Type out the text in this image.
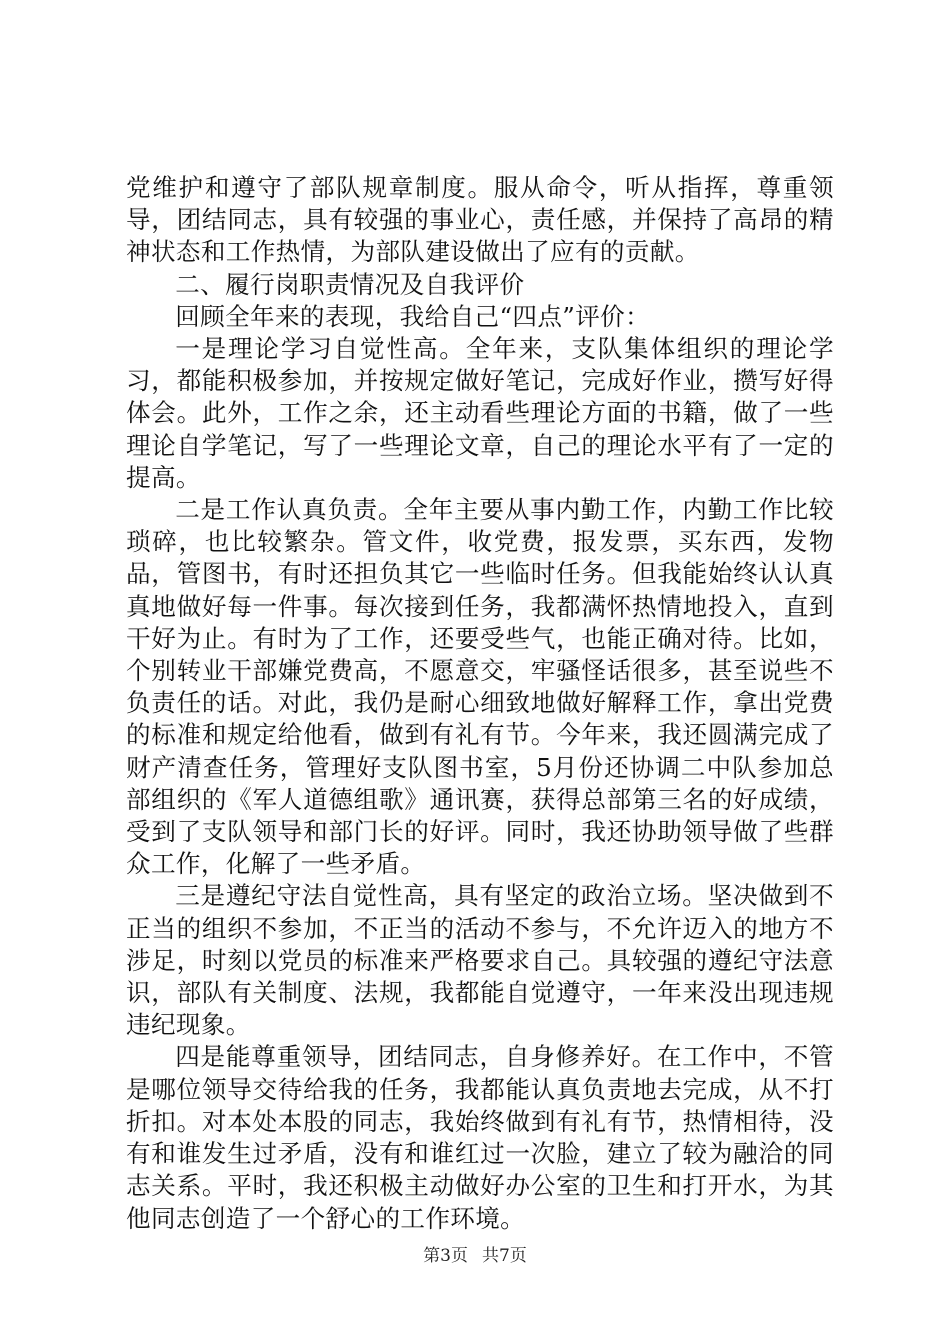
党维护和遵守了部队规章制度。服从命令，听从指挥，尊重领导，团结同志，具有较强的事业心，责任感，并保持了高昂的精神状态和工作热情，为部队建设做出了应有的贡献。

二、履行岗职责情况及自我评价

回顾全年来的表现，我给自己“四点”评价：

一是理论学习自觉性高。全年来，支队集体组织的理论学习，都能积极参加，并按规定做好笔记，完成好作业，攒写好得体会。此外，工作之余，还主动看些理论方面的书籍，做了一些理论自学笔记，写了一些理论文章，自己的理论水平有了一定的提高。

二是工作认真负责。全年主要从事内勤工作，内勤工作比较琐碎，也比较繁杂。管文件，收党费，报发票，买东西，发物品，管图书，有时还担负其它一些临时任务。但我能始终认认真真地做好每一件事。每次接到任务，我都满怀热情地投入，直到干好为止。有时为了工作，还要受些气，也能正确对待。比如，个别转业干部嫌党费高，不愿意交，牢骚怪话很多，甚至说些不负责任的话。对此，我仍是耐心细致地做好解释工作，拿出党费的标准和规定给他看，做到有礼有节。今年来，我还圆满完成了财产清查任务，管理好支队图书室，5月份还协调二中队参加总部组织的《军人道德组歌》通讯赛，获得总部第三名的好成绩，受到了支队领导和部门长的好评。同时，我还协助领导做了些群众工作，化解了一些矛盾。

三是遵纪守法自觉性高，具有坚定的政治立场。坚决做到不正当的组织不参加，不正当的活动不参与，不允许迈入的地方不涉足，时刻以党员的标准来严格要求自己。具较强的遵纪守法意识，部队有关制度、法规，我都能自觉遵守，一年来没出现违规违纪现象。

四是能尊重领导，团结同志，自身修养好。在工作中，不管是哪位领导交待给我的任务，我都能认真负责地去完成，从不打折扣。对本处本股的同志，我始终做到有礼有节，热情相待，没有和谁发生过矛盾，没有和谁红过一次脸，建立了较为融洽的同志关系。平时，我还积极主动做好办公室的卫生和打开水，为其他同志创造了一个舒心的工作环境。

第3页 共7页
